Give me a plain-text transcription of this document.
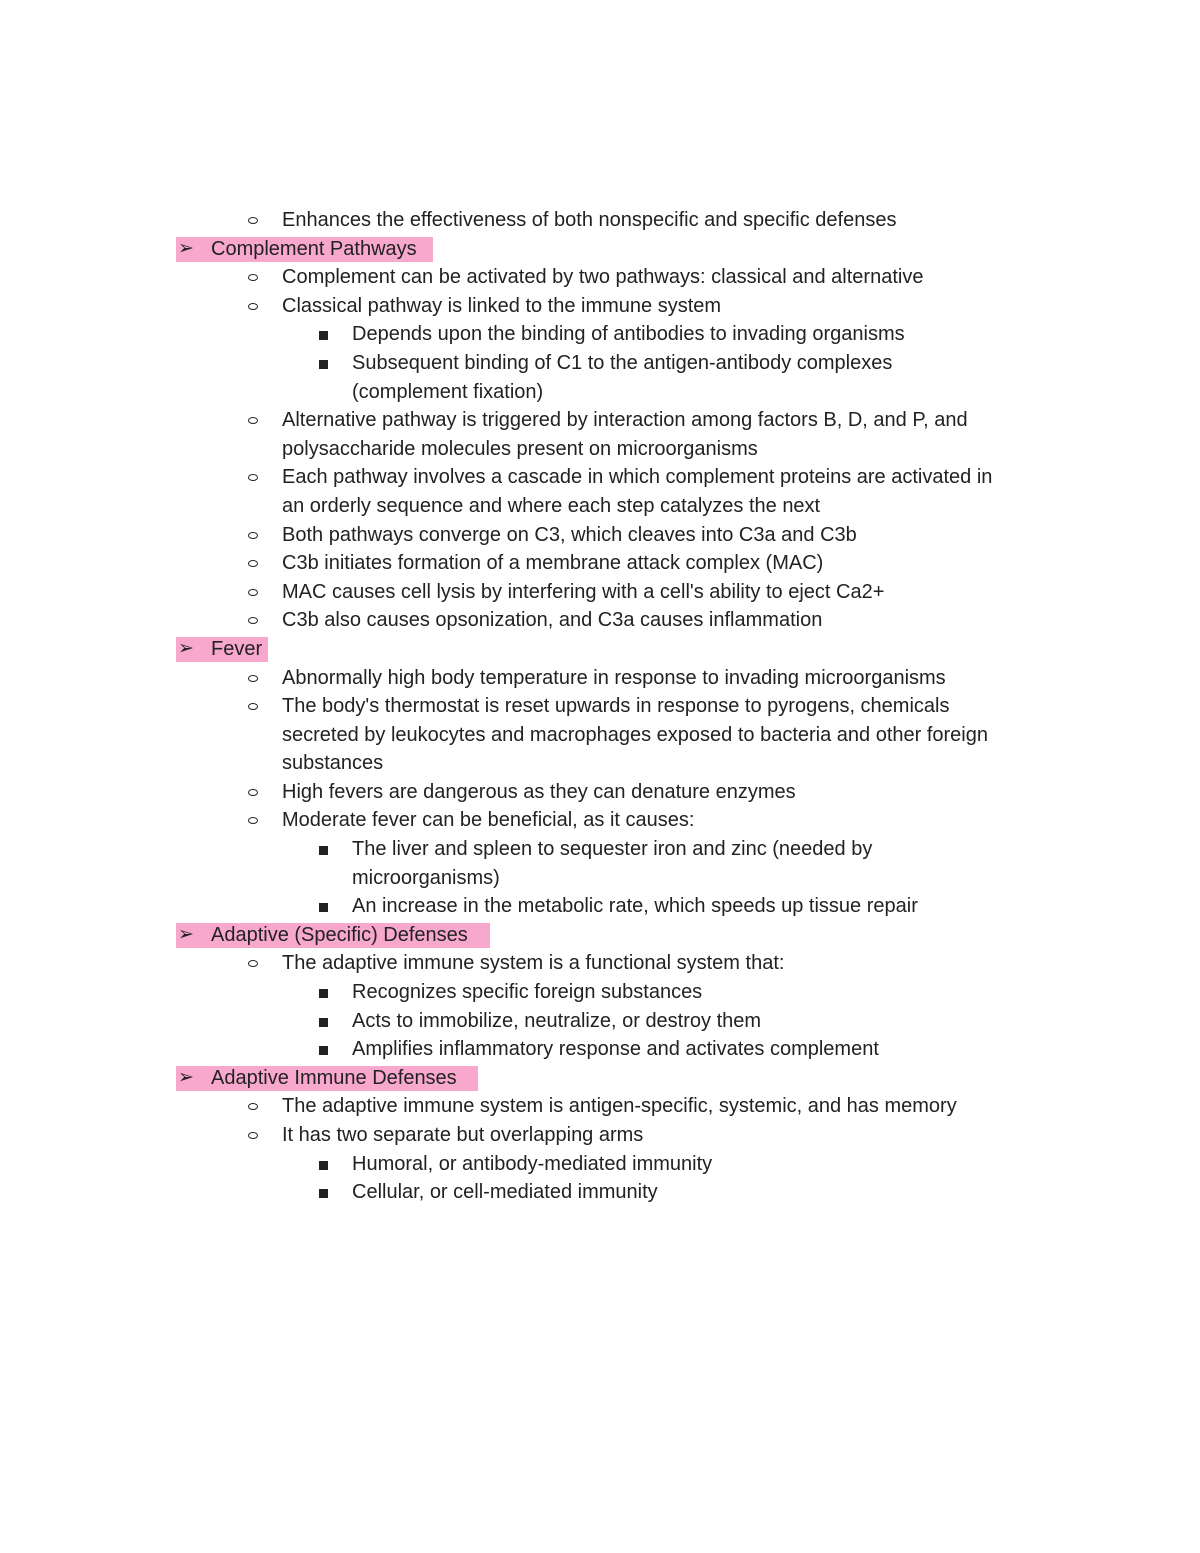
Enhances the effectiveness of both nonspecific and specific defenses
➢ Complement Pathways
Complement can be activated by two pathways: classical and alternative
Classical pathway is linked to the immune system
Depends upon the binding of antibodies to invading organisms
Subsequent binding of C1 to the antigen-antibody complexes
(complement fixation)
Alternative pathway is triggered by interaction among factors B, D, and P, and
polysaccharide molecules present on microorganisms
Each pathway involves a cascade in which complement proteins are activated in
an orderly sequence and where each step catalyzes the next
Both pathways converge on C3, which cleaves into C3a and C3b
C3b initiates formation of a membrane attack complex (MAC)
MAC causes cell lysis by interfering with a cell's ability to eject Ca2+
C3b also causes opsonization, and C3a causes inflammation
➢ Fever
Abnormally high body temperature in response to invading microorganisms
The body's thermostat is reset upwards in response to pyrogens, chemicals
secreted by leukocytes and macrophages exposed to bacteria and other foreign
substances
High fevers are dangerous as they can denature enzymes
Moderate fever can be beneficial, as it causes:
The liver and spleen to sequester iron and zinc (needed by
microorganisms)
An increase in the metabolic rate, which speeds up tissue repair
➢ Adaptive (Specific) Defenses
The adaptive immune system is a functional system that:
Recognizes specific foreign substances
Acts to immobilize, neutralize, or destroy them
Amplifies inflammatory response and activates complement
➢ Adaptive Immune Defenses
The adaptive immune system is antigen-specific, systemic, and has memory
It has two separate but overlapping arms
Humoral, or antibody-mediated immunity
Cellular, or cell-mediated immunity
